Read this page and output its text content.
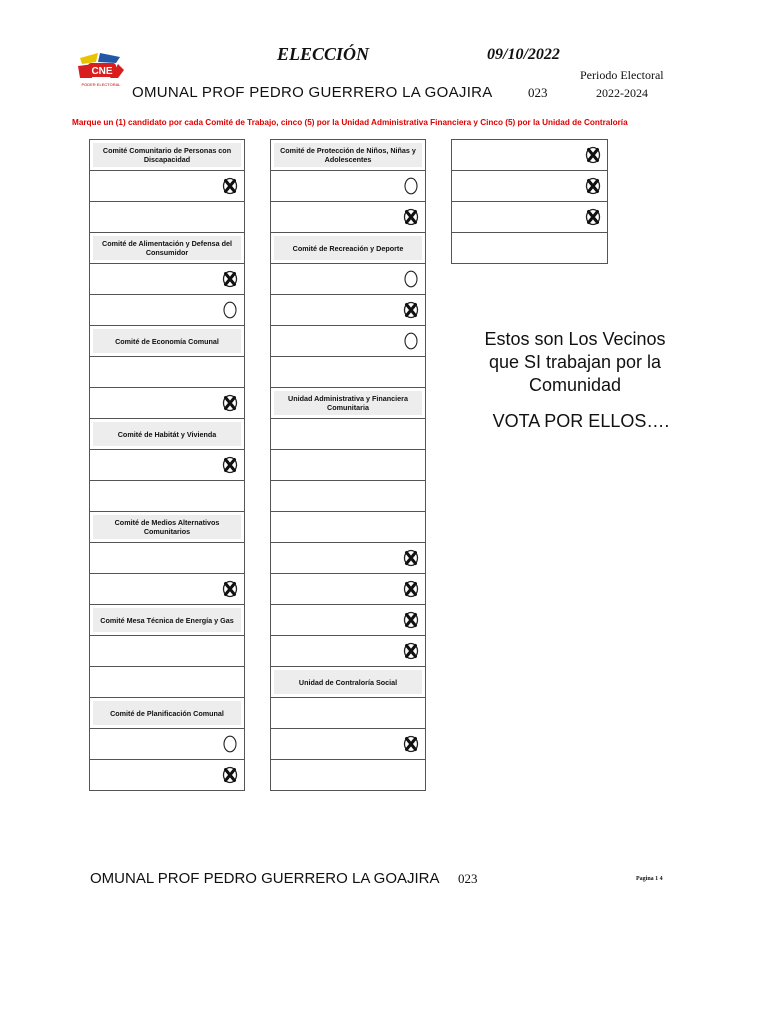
CNE
PODER ELECTORAL
ELECCIÓN	09/10/2022
Periodo Electoral
OMUNAL PROF PEDRO GUERRERO LA GOAJIRA	023	2022-2024
Marque un (1) candidato por cada Comité de Trabajo, cinco (5) por la Unidad Administrativa Financiera y Cinco (5) por la Unidad de Contraloría
Comité Comunitario de Personas con Discapacidad
Comité de Alimentación y Defensa del Consumidor
Comité de Economía Comunal
Comité de Habitát y Vivienda
Comité de Medios Alternativos Comunitarios
Comité Mesa Técnica de Energía y Gas
Comité de Planificación Comunal
Comité de Protección de Niños, Niñas y Adolescentes
Comité de Recreación y Deporte
Unidad Administrativa y Financiera Comunitaria
Unidad de Contraloría Social
Estos son Los Vecinos
que SI trabajan por la
Comunidad
VOTA POR ELLOS….
OMUNAL PROF PEDRO GUERRERO LA GOAJIRA 023	Pagina 1 4
